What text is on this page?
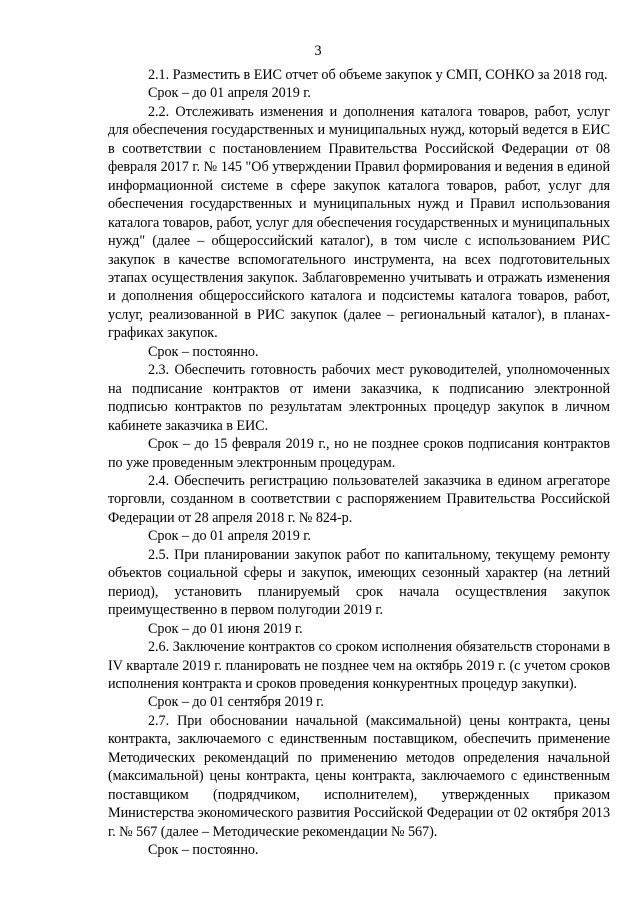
3

2.1. Разместить в ЕИС отчет об объеме закупок у СМП, СОНКО за 2018 год.

Срок – до 01 апреля 2019 г.

2.2. Отслеживать изменения и дополнения каталога товаров, работ, услуг для обеспечения государственных и муниципальных нужд, который ведется в ЕИС в соответствии с постановлением Правительства Российской Федерации от 08 февраля 2017 г. № 145 "Об утверждении Правил формирования и ведения в единой информационной системе в сфере закупок каталога товаров, работ, услуг для обеспечения государственных и муниципальных нужд и Правил использования каталога товаров, работ, услуг для обеспечения государственных и муниципальных нужд" (далее – общероссийский каталог), в том числе с использованием РИС закупок в качестве вспомогательного инструмента, на всех подготовительных этапах осуществления закупок. Заблаговременно учитывать и отражать изменения и дополнения общероссийского каталога и подсистемы каталога товаров, работ, услуг, реализованной в РИС закупок (далее – региональный каталог), в планах-графиках закупок.

Срок – постоянно.

2.3. Обеспечить готовность рабочих мест руководителей, уполномоченных на подписание контрактов от имени заказчика, к подписанию электронной подписью контрактов по результатам электронных процедур закупок в личном кабинете заказчика в ЕИС.

Срок – до 15 февраля 2019 г., но не позднее сроков подписания контрактов по уже проведенным электронным процедурам.

2.4. Обеспечить регистрацию пользователей заказчика в едином агрегаторе торговли, созданном в соответствии с распоряжением Правительства Российской Федерации от 28 апреля 2018 г. № 824-р.

Срок – до 01 апреля 2019 г.

2.5. При планировании закупок работ по капитальному, текущему ремонту объектов социальной сферы и закупок, имеющих сезонный характер (на летний период), установить планируемый срок начала осуществления закупок преимущественно в первом полугодии 2019 г.

Срок – до 01 июня 2019 г.

2.6. Заключение контрактов со сроком исполнения обязательств сторонами в IV квартале 2019 г. планировать не позднее чем на октябрь 2019 г. (с учетом сроков исполнения контракта и сроков проведения конкурентных процедур закупки).

Срок – до 01 сентября 2019 г.

2.7. При обосновании начальной (максимальной) цены контракта, цены контракта, заключаемого с единственным поставщиком, обеспечить применение Методических рекомендаций по применению методов определения начальной (максимальной) цены контракта, цены контракта, заключаемого с единственным поставщиком (подрядчиком, исполнителем), утвержденных приказом Министерства экономического развития Российской Федерации от 02 октября 2013 г. № 567 (далее – Методические рекомендации № 567).

Срок – постоянно.
